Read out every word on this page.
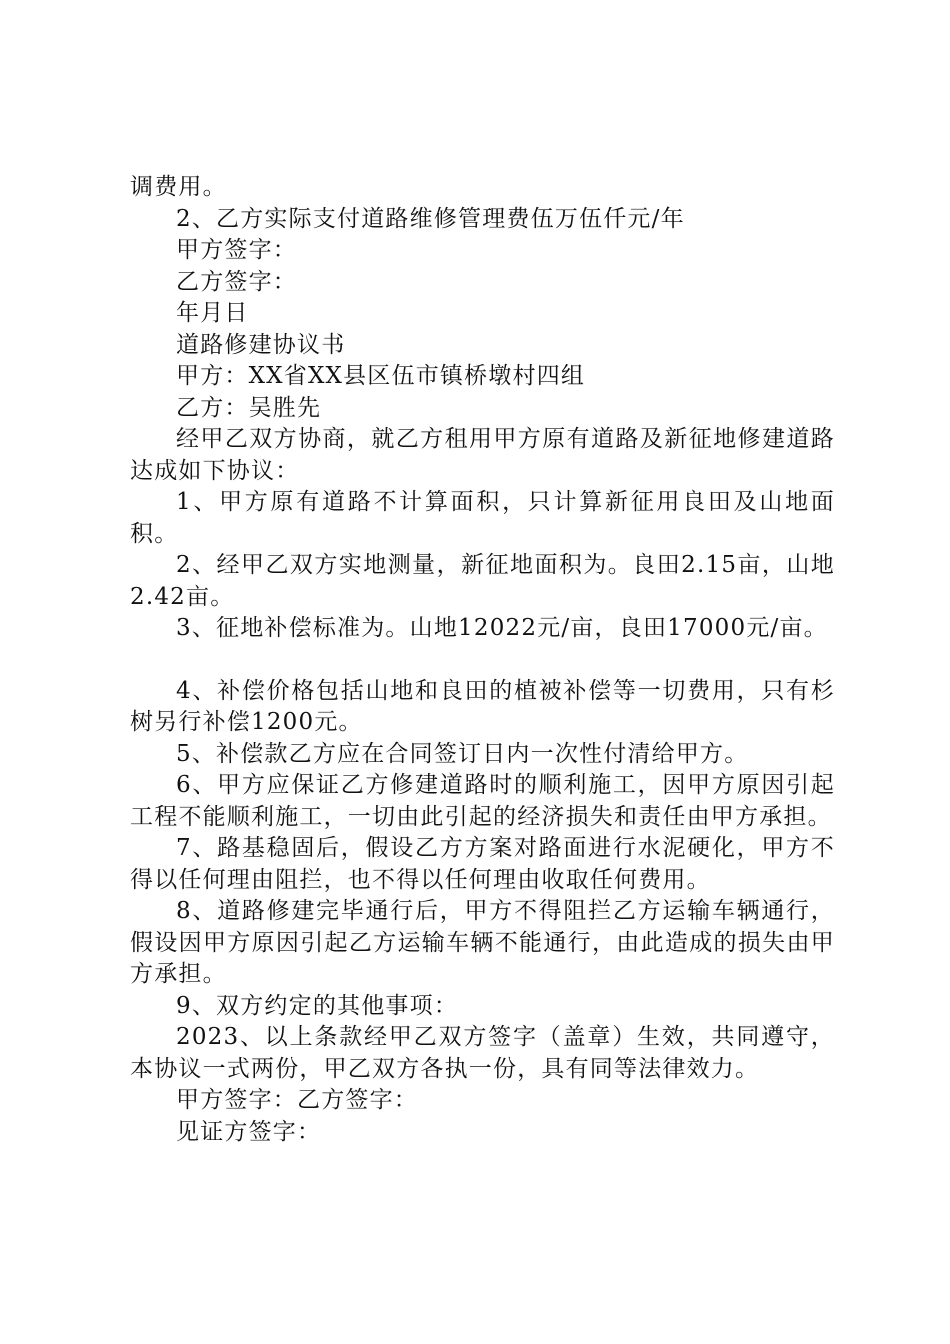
调费用。

2、乙方实际支付道路维修管理费伍万伍仟元/年

甲方签字：

乙方签字：

年月日

道路修建协议书

甲方：XX省XX县区伍市镇桥墩村四组

乙方：吴胜先

经甲乙双方协商，就乙方租用甲方原有道路及新征地修建道路达成如下协议：

1、甲方原有道路不计算面积，只计算新征用良田及山地面积。

2、经甲乙双方实地测量，新征地面积为。良田2.15亩，山地2.42亩。

3、征地补偿标准为。山地12022元/亩，良田17000元/亩。

4、补偿价格包括山地和良田的植被补偿等一切费用，只有杉树另行补偿1200元。

5、补偿款乙方应在合同签订日内一次性付清给甲方。

6、甲方应保证乙方修建道路时的顺利施工，因甲方原因引起工程不能顺利施工，一切由此引起的经济损失和责任由甲方承担。

7、路基稳固后，假设乙方方案对路面进行水泥硬化，甲方不得以任何理由阻拦，也不得以任何理由收取任何费用。

8、道路修建完毕通行后，甲方不得阻拦乙方运输车辆通行，假设因甲方原因引起乙方运输车辆不能通行，由此造成的损失由甲方承担。

9、双方约定的其他事项：

2023、以上条款经甲乙双方签字（盖章）生效，共同遵守，本协议一式两份，甲乙双方各执一份，具有同等法律效力。

甲方签字：乙方签字：

见证方签字：
